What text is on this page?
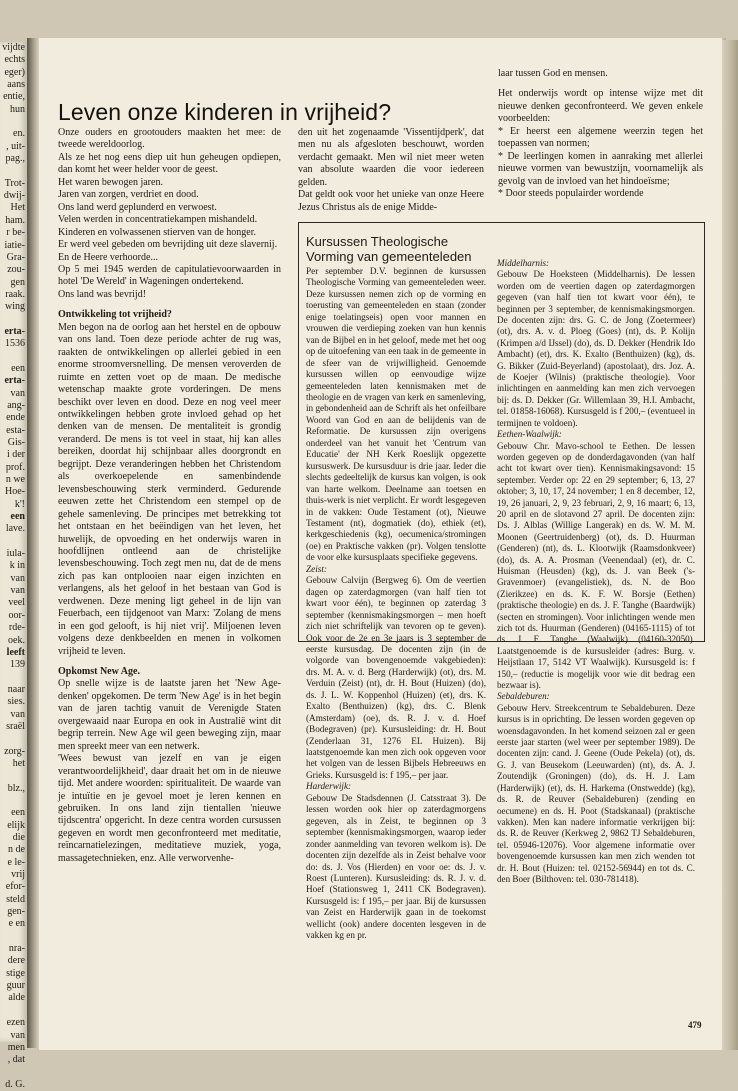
vijdte
echts
eger)
aans
entie,
hun

en.
, uit-
pag.,

Trot-
dwij-
Het
ham.
r be-
iatie-
Gra-
zou-
gen
raak.
wing

erta-
1536

een
erta-
van
ang-
ende
esta-
Gis-
i der
prof.
n we
Hoe-
k'!
een
lave.

iula-
k in
van
van
veel
oor-
rde-
oek.
leeft
139

naar
sies.
van
sraël

zorg-
het

blz.,

een
elijk
die
n de
e le-
vrij
efor-
steld
gen-
e en

nra-
dere
stige
guur
alde

ezen
van
men
, dat

d. G.
Leven onze kinderen in vrijheid?

Onze ouders en grootouders maakten het mee: de tweede wereldoorlog.

Als ze het nog eens diep uit hun geheugen opdiepen, dan komt het weer helder voor de geest.

Het waren bewogen jaren.

Jaren van zorgen, verdriet en dood.

Ons land werd geplunderd en verwoest.

Velen werden in concentratiekampen mishandeld.

Kinderen en volwassenen stierven van de honger.

Er werd veel gebeden om bevrijding uit deze slavernij.

En de Heere verhoorde...

Op 5 mei 1945 werden de capitulatievoorwaarden in hotel 'De Wereld' in Wageningen ondertekend.

Ons land was bevrijd!

Ontwikkeling tot vrijheid?

Men begon na de oorlog aan het herstel en de opbouw van ons land. Toen deze periode achter de rug was, raakten de ontwikkelingen op allerlei gebied in een enorme stroomversnelling. De mensen veroverden de ruimte en zetten voet op de maan. De medische wetenschap maakte grote vorderingen. De mens beschikt over leven en dood. Deze en nog veel meer ontwikkelingen hebben grote invloed gehad op het denken van de mensen. De mentaliteit is grondig veranderd. De mens is tot veel in staat, hij kan alles bereiken, doordat hij schijnbaar alles doorgrondt en begrijpt. Deze veranderingen hebben het Christendom als overkoepelende en samenbindende levensbeschouwing sterk verminderd. Gedurende eeuwen zette het Christendom een stempel op de gehele samenleving. De principes met betrekking tot het ontstaan en het beëindigen van het leven, het huwelijk, de opvoeding en het onderwijs waren in hoofdlijnen ontleend aan de christelijke levensbeschouwing. Toch zegt men nu, dat de de mens zich pas kan ontplooien naar eigen inzichten en verlangens, als het geloof in het bestaan van God is verdwenen. Deze mening ligt geheel in de lijn van Feuerbach, een tijdgenoot van Marx: 'Zolang de mens in een god gelooft, is hij niet vrij'. Miljoenen leven volgens deze denkbeelden en menen in volkomen vrijheid te leven.

Opkomst New Age.

Op snelle wijze is de laatste jaren het 'New Age-denken' opgekomen. De term 'New Age' is in het begin van de jaren tachtig vanuit de Verenigde Staten overgewaaid naar Europa en ook in Australië wint dit begrip terrein. New Age wil geen beweging zijn, maar men spreekt meer van een netwerk.

'Wees bewust van jezelf en van je eigen verantwoordelijkheid', daar draait het om in de nieuwe tijd. Met andere woorden: spiritualiteit. De waarde van je intuïtie en je gevoel moet je leren kennen en gebruiken. In ons land zijn tientallen 'nieuwe tijdscentra' opgericht. In deze centra worden cursussen gegeven en wordt men geconfronteerd met meditatie, reïncarnatielezingen, meditatieve muziek, yoga, massagetechnieken, enz. Alle verworvenhe-

den uit het zogenaamde 'Vissentijdperk', dat men nu als afgesloten beschouwt, worden verdacht gemaakt. Men wil niet meer weten van absolute waarden die voor iedereen gelden.

Dat geldt ook voor het unieke van onze Heere Jezus Christus als de enige Midde-

laar tussen God en mensen.

Het onderwijs wordt op intense wijze met dit nieuwe denken geconfronteerd. We geven enkele voorbeelden:

* Er heerst een algemene weerzin tegen het toepassen van normen;

* De leerlingen komen in aanraking met allerlei nieuwe vormen van bewustzijn, voornamelijk als gevolg van de invloed van het hindoeïsme;

* Door steeds populairder wordende

Kursussen Theologische
Vorming van gemeenteleden

Per september D.V. beginnen de kursussen Theologische Vorming van gemeenteleden weer. Deze kursussen nemen zich op de vorming en toerusting van gemeenteleden en staan (zonder enige toelatingseis) open voor mannen en vrouwen die verdieping zoeken van hun kennis van de Bijbel en in het geloof, mede met het oog op de uitoefening van een taak in de gemeente in de sfeer van de vrijwilligheid. Genoemde kursussen willen op eenvoudige wijze gemeenteleden laten kennismaken met de theologie en de vragen van kerk en samenleving, in gebondenheid aan de Schrift als het onfeilbare Woord van God en aan de belijdenis van de Reformatie. De kursussen zijn overigens onderdeel van het vanuit het 'Centrum van Educatie' der NH Kerk Roeslijk opgezette kursuswerk. De kursusduur is drie jaar. Ieder die slechts gedeeltelijk de kursus kan volgen, is ook van harte welkom. Deelname aan toetsen en thuis-werk is niet verplicht. Er wordt lesgegeven in de vakken: Oude Testament (ot), Nieuwe Testament (nt), dogmatiek (do), ethiek (et), kerkgeschiedenis (kg), oecumenica/stromingen (oe) en Praktische vakken (pr). Volgen tenslotte de voor elke kursusplaats specifieke gegevens.

Zeist:

Gebouw Calvijn (Bergweg 6). Om de veertien dagen op zaterdagmorgen (van half tien tot kwart voor één), te beginnen op zaterdag 3 september (kennismakingsmorgen – men hoeft zich niet schriftelijk van tevoren op te geven). Ook voor de 2e en 3e jaars is 3 september de eerste kursusdag. De docenten zijn (in de volgorde van bovengenoemde vakgebieden): drs. M. A. v. d. Berg (Harderwijk) (ot), drs. M. Verduin (Zeist) (nt), dr. H. Bout (Huizen) (do), ds. J. L. W. Koppenhol (Huizen) (et), drs. K. Exalto (Benthuizen) (kg), drs. C. Blenk (Amsterdam) (oe), ds. R. J. v. d. Hoef (Bodegraven) (pr). Kursusleiding: dr. H. Bout (Zenderlaan 31, 1276 EL Huizen). Bij laatstgenoemde kan men zich ook opgeven voor het volgen van de lessen Bijbels Hebreeuws en Grieks. Kursusgeld is: f 195,– per jaar.

Harderwijk:

Gebouw De Stadsdennen (J. Catsstraat 3). De lessen worden ook hier op zaterdagmorgens gegeven, als in Zeist, te beginnen op 3 september (kennismakingsmorgen, waarop ieder zonder aanmelding van tevoren welkom is). De docenten zijn dezelfde als in Zeist behalve voor do: ds. J. Vos (Hierden) en voor oe: ds. J. v. Roest (Lunteren). Kursusleiding: ds. R. J. v. d. Hoef (Stationsweg 1, 2411 CK Bodegraven). Kursusgeld is: f 195,– per jaar. Bij de kursussen van Zeist en Harderwijk gaan in de toekomst wellicht (ook) andere docenten lesgeven in de vakken kg en pr.

Middelharnis:

Gebouw De Hoeksteen (Middelharnis). De lessen worden om de veertien dagen op zaterdagmorgen gegeven (van half tien tot kwart voor één), te beginnen per 3 september, de kennismakingsmorgen. De docenten zijn: drs. G. C. de Jong (Zoetermeer) (ot), drs. A. v. d. Ploeg (Goes) (nt), ds. P. Kolijn (Krimpen a/d IJssel) (do), ds. D. Dekker (Hendrik Ido Ambacht) (et), drs. K. Exalto (Benthuizen) (kg), ds. G. Bikker (Zuid-Beyerland) (apostolaat), drs. Joz. A. de Koejer (Wilnis) (praktische theologie). Voor inlichtingen en aanmelding kan men zich vervoegen bij: ds. D. Dekker (Gr. Willemlaan 39, H.I. Ambacht, tel. 01858-16068). Kursusgeld is f 200,– (eventueel in termijnen te voldoen).

Eethen-Waalwijk:

Gebouw Chr. Mavo-school te Eethen. De lessen worden gegeven op de donderdagavonden (van half acht tot kwart over tien). Kennismakingsavond: 15 september. Verder op: 22 en 29 september; 6, 13, 27 oktober; 3, 10, 17, 24 november; 1 en 8 december, 12, 19, 26 januari, 2, 9, 23 februari, 2, 9, 16 maart; 6, 13, 20 april en de slotavond 27 april. De docenten zijn: Ds. J. Alblas (Willige Langerak) en ds. W. M. M. Moonen (Geertruidenberg) (ot), ds. D. Huurman (Genderen) (nt), ds. L. Klootwijk (Raamsdonkveer) (do), ds. A. A. Prosman (Veenendaal) (et), dr. C. Huisman (Heusden) (kg), ds. J. van Beek ('s-Gravenmoer) (evangelistiek), ds. N. de Boo (Zierikzee) en ds. K. F. W. Borsje (Eethen) (praktische theologie) en ds. J. F. Tanghe (Baardwijk) (secten en stromingen). Voor inlichtingen wende men zich tot ds. Huurman (Genderen) (04165-1115) of tot ds. J. F. Tanghe (Waalwijk) (04160-32050). Laatstgenoemde is de kursusleider (adres: Burg. v. Heijstlaan 17, 5142 VT Waalwijk). Kursusgeld is: f 150,– (reductie is mogelijk voor wie dit bedrag een bezwaar is).

Sebaldeburen:

Gebouw Herv. Streekcentrum te Sebaldeburen. Deze kursus is in oprichting. De lessen worden gegeven op woensdagavonden. In het komend seizoen zal er geen eerste jaar starten (wel weer per september 1989). De docenten zijn: cand. J. Geene (Oude Pekela) (ot), ds. G. J. van Beusekom (Leeuwarden) (nt), ds. A. J. Zoutendijk (Groningen) (do), ds. H. J. Lam (Harderwijk) (et), ds. H. Harkema (Onstwedde) (kg), ds. R. de Reuver (Sebaldeburen) (zending en oecumene) en ds. H. Poot (Stadskanaal) (praktische vakken). Men kan nadere informatie verkrijgen bij: ds. R. de Reuver (Kerkweg 2, 9862 TJ Sebaldeburen, tel. 05946-12076). Voor algemene informatie over bovengenoemde kursussen kan men zich wenden tot dr. H. Bout (Huizen: tel. 02152-56944) en tot ds. C. den Boer (Bilthoven: tel. 030-781418).

479
